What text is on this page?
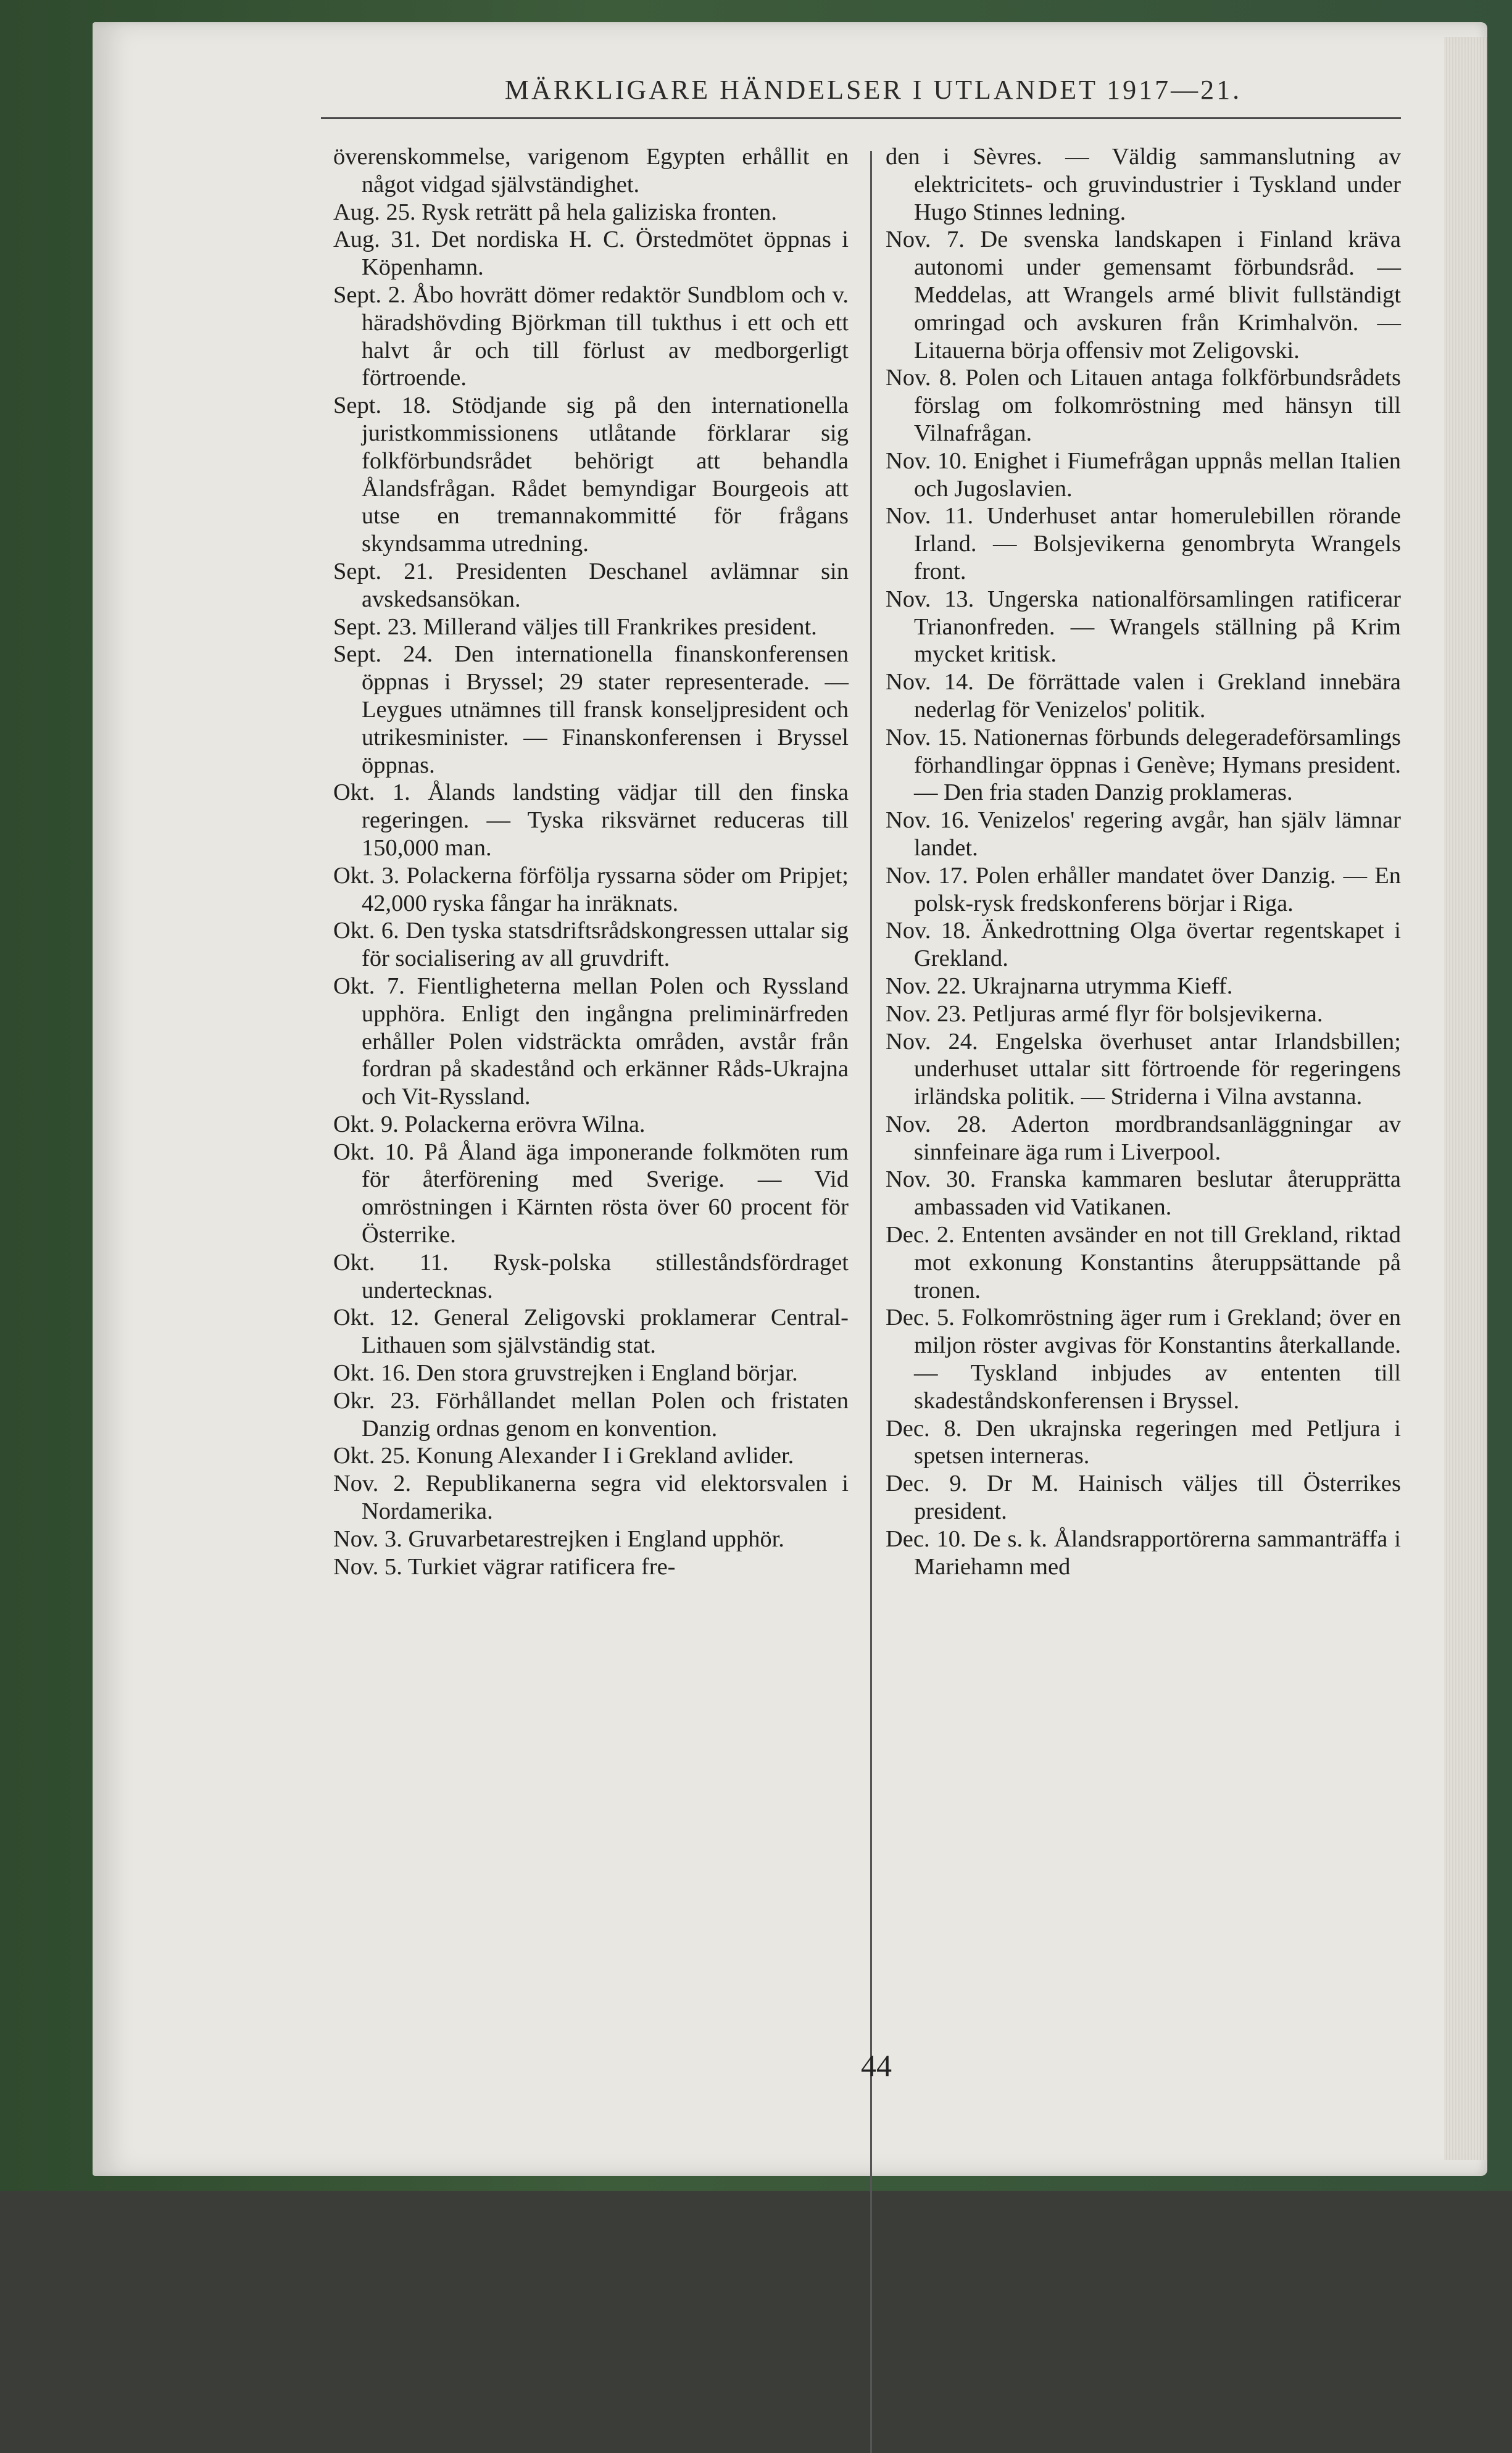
MÄRKLIGARE HÄNDELSER I UTLANDET 1917—21.

överenskommelse, varigenom Egypten erhållit en något vidgad självständighet.

Aug. 25. Rysk reträtt på hela galiziska fronten.

Aug. 31. Det nordiska H. C. Örstedmötet öppnas i Köpenhamn.

Sept. 2. Åbo hovrätt dömer redaktör Sundblom och v. häradshövding Björkman till tukthus i ett och ett halvt år och till förlust av medborgerligt förtroende.

Sept. 18. Stödjande sig på den internationella juristkommissionens utlåtande förklarar sig folkförbundsrådet behörigt att behandla Ålandsfrågan. Rådet bemyndigar Bourgeois att utse en tremannakommitté för frågans skyndsamma utredning.

Sept. 21. Presidenten Deschanel avlämnar sin avskedsansökan.

Sept. 23. Millerand väljes till Frankrikes president.

Sept. 24. Den internationella finanskonferensen öppnas i Bryssel; 29 stater representerade. — Leygues utnämnes till fransk konseljpresident och utrikesminister. — Finanskonferensen i Bryssel öppnas.

Okt. 1. Ålands landsting vädjar till den finska regeringen. — Tyska riksvärnet reduceras till 150,000 man.

Okt. 3. Polackerna förfölja ryssarna söder om Pripjet; 42,000 ryska fångar ha inräknats.

Okt. 6. Den tyska statsdriftsrådskongressen uttalar sig för socialisering av all gruvdrift.

Okt. 7. Fientligheterna mellan Polen och Ryssland upphöra. Enligt den ingångna preliminärfreden erhåller Polen vidsträckta områden, avstår från fordran på skadestånd och erkänner Råds-Ukrajna och Vit-Ryssland.

Okt. 9. Polackerna erövra Wilna.

Okt. 10. På Åland äga imponerande folkmöten rum för återförening med Sverige. — Vid omröstningen i Kärnten rösta över 60 procent för Österrike.

Okt. 11. Rysk-polska stilleståndsfördraget undertecknas.

Okt. 12. General Zeligovski proklamerar Central-Lithauen som självständig stat.

Okt. 16. Den stora gruvstrejken i England börjar.

Okr. 23. Förhållandet mellan Polen och fristaten Danzig ordnas genom en konvention.

Okt. 25. Konung Alexander I i Grekland avlider.

Nov. 2. Republikanerna segra vid elektorsvalen i Nordamerika.

Nov. 3. Gruvarbetarestrejken i England upphör.

Nov. 5. Turkiet vägrar ratificera fre-

den i Sèvres. — Väldig sammanslutning av elektricitets- och gruvindustrier i Tyskland under Hugo Stinnes ledning.

Nov. 7. De svenska landskapen i Finland kräva autonomi under gemensamt förbundsråd. — Meddelas, att Wrangels armé blivit fullständigt omringad och avskuren från Krimhalvön. — Litauerna börja offensiv mot Zeligovski.

Nov. 8. Polen och Litauen antaga folkförbundsrådets förslag om folkomröstning med hänsyn till Vilnafrågan.

Nov. 10. Enighet i Fiumefrågan uppnås mellan Italien och Jugoslavien.

Nov. 11. Underhuset antar homerulebillen rörande Irland. — Bolsjevikerna genombryta Wrangels front.

Nov. 13. Ungerska nationalförsamlingen ratificerar Trianonfreden. — Wrangels ställning på Krim mycket kritisk.

Nov. 14. De förrättade valen i Grekland innebära nederlag för Venizelos' politik.

Nov. 15. Nationernas förbunds delegeradeförsamlings förhandlingar öppnas i Genève; Hymans president. — Den fria staden Danzig proklameras.

Nov. 16. Venizelos' regering avgår, han själv lämnar landet.

Nov. 17. Polen erhåller mandatet över Danzig. — En polsk-rysk fredskonferens börjar i Riga.

Nov. 18. Änkedrottning Olga övertar regentskapet i Grekland.

Nov. 22. Ukrajnarna utrymma Kieff.

Nov. 23. Petljuras armé flyr för bolsjevikerna.

Nov. 24. Engelska överhuset antar Irlandsbillen; underhuset uttalar sitt förtroende för regeringens irländska politik. — Striderna i Vilna avstanna.

Nov. 28. Aderton mordbrandsanläggningar av sinnfeinare äga rum i Liverpool.

Nov. 30. Franska kammaren beslutar återupprätta ambassaden vid Vatikanen.

Dec. 2. Ententen avsänder en not till Grekland, riktad mot exkonung Konstantins återuppsättande på tronen.

Dec. 5. Folkomröstning äger rum i Grekland; över en miljon röster avgivas för Konstantins återkallande. — Tyskland inbjudes av ententen till skadeståndskonferensen i Bryssel.

Dec. 8. Den ukrajnska regeringen med Petljura i spetsen interneras.

Dec. 9. Dr M. Hainisch väljes till Österrikes president.

Dec. 10. De s. k. Ålandsrapportörerna sammanträffa i Mariehamn med

44
